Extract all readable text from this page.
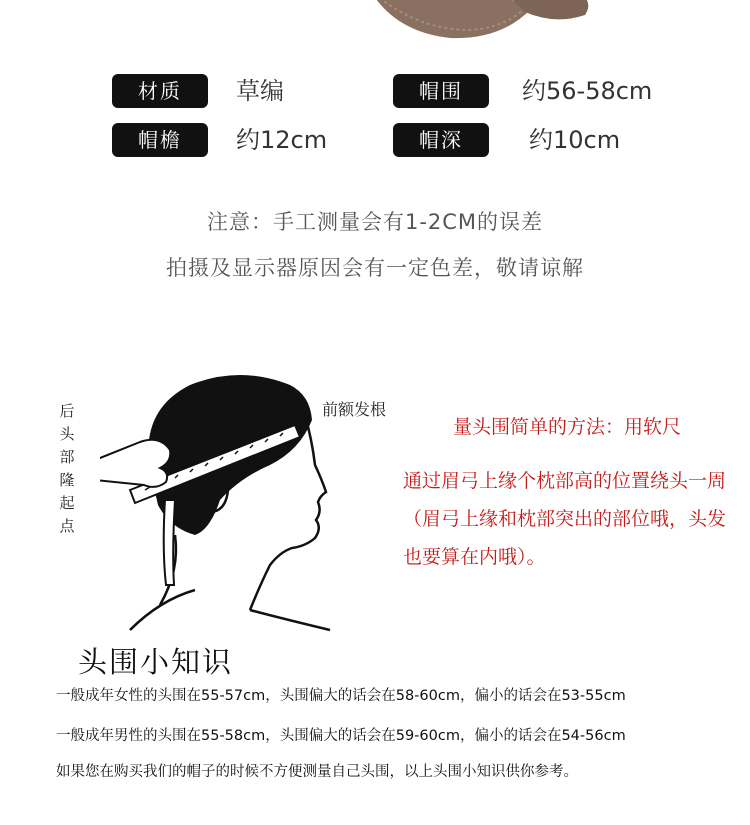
材质	草编	帽围	约56-58cm
帽檐	约12cm	帽深	约10cm
注意：手工测量会有1-2CM的误差
拍摄及显示器原因会有一定色差，敬请谅解
后头部隆起点
前额发根
量头围简单的方法：用软尺
通过眉弓上缘个枕部高的位置绕头一周（眉弓上缘和枕部突出的部位哦，头发也要算在内哦）。
头围小知识
一般成年女性的头围在55-57cm，头围偏大的话会在58-60cm，偏小的话会在53-55cm
一般成年男性的头围在55-58cm，头围偏大的话会在59-60cm，偏小的话会在54-56cm
如果您在购买我们的帽子的时候不方便测量自己头围，以上头围小知识供你参考。
